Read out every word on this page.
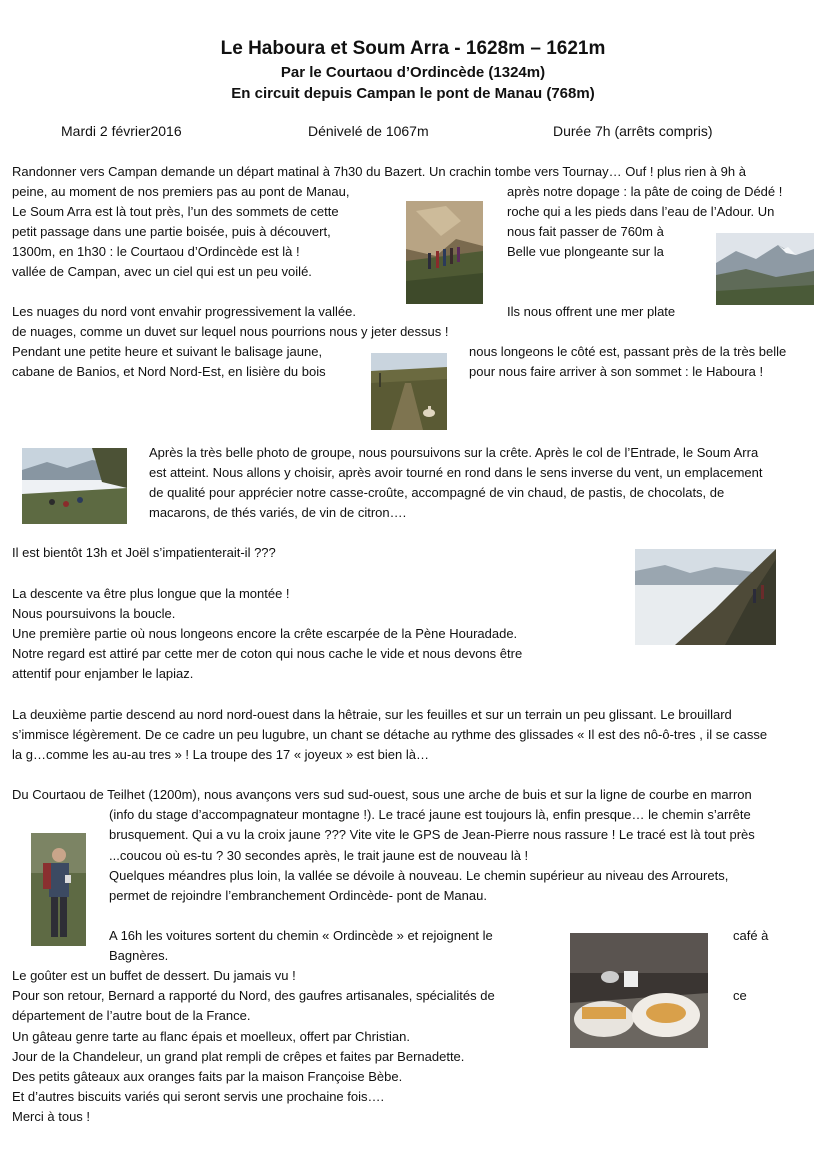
Le Haboura et Soum Arra - 1628m – 1621m
Par le Courtaou d’Ordincède (1324m)
En circuit depuis Campan le pont de Manau (768m)
Mardi 2 février2016	Dénivelé de 1067m	Durée 7h (arrêts compris)
Randonner vers Campan demande un départ matinal à 7h30 du Bazert. Un crachin tombe vers Tournay… Ouf ! plus rien à 9h à
peine, au moment de nos premiers pas au pont de Manau,	après notre dopage : la pâte de coing de Dédé !
Le Soum Arra est là tout près, l’un des sommets de cette	roche qui a les pieds dans l’eau de l’Adour. Un
petit passage dans une partie boisée, puis à découvert,	nous fait passer de 760m à
1300m, en 1h30 : le Courtaou d’Ordincède est là !	Belle vue plongeante sur la
vallée de Campan, avec un ciel qui est un peu voilé.
Les nuages du nord vont envahir progressivement la vallée.	Ils nous offrent une mer plate
de nuages, comme un duvet sur lequel nous pourrions nous y jeter dessus !
Pendant une petite heure et suivant le balisage jaune,	nous longeons le côté est, passant près de la très belle
cabane de Banios, et Nord Nord-Est, en lisière du bois	pour nous faire arriver à son sommet : le Haboura !
Après la très belle photo de groupe, nous poursuivons sur la crête. Après le col de l’Entrade, le Soum Arra
est atteint. Nous allons y choisir, après avoir tourné en rond dans le sens inverse du vent, un emplacement
de qualité pour apprécier notre casse-croûte, accompagné de vin chaud, de pastis, de chocolats, de
macarons, de thés variés, de vin de citron….
Il est bientôt 13h et Joël s’impatienterait-il ???
La descente va être plus longue que la montée !
Nous poursuivons la boucle.
Une première partie où nous longeons encore la crête escarpée de la Pène Houradade.
Notre regard est attiré par cette mer de coton qui nous cache le vide et nous devons être
attentif pour enjamber le lapiaz.
La deuxième partie descend au nord nord-ouest dans la hêtraie, sur les feuilles et sur un terrain un peu glissant. Le brouillard
s’immisce légèrement. De ce cadre un peu lugubre, un chant se détache au rythme des glissades « Il est des nô-ô-tres , il se casse
la g…comme les au-au tres » ! La troupe des 17 « joyeux » est bien là…
Du Courtaou de Teilhet (1200m), nous avançons vers sud sud-ouest, sous une arche de buis et sur la ligne de courbe en marron
(info du stage d’accompagnateur montagne !). Le tracé jaune est toujours là, enfin presque… le chemin s’arrête
brusquement. Qui a vu la croix jaune ??? Vite vite le GPS de Jean-Pierre nous rassure ! Le tracé est là tout près
...coucou où es-tu ? 30 secondes après, le trait jaune est de nouveau là !
Quelques méandres plus loin, la vallée se dévoile à nouveau. Le chemin supérieur au niveau des Arrourets,
permet de rejoindre l’embranchement Ordincède- pont de Manau.
A 16h les voitures sortent du chemin « Ordincède » et rejoignent le	café à
Bagnères.
Le goûter est un buffet de dessert. Du jamais vu !
Pour son retour, Bernard a rapporté du Nord, des gaufres artisanales, spécialités de	ce
département de l’autre bout de la France.
Un gâteau genre tarte au flanc épais et moelleux, offert par Christian.
Jour de la Chandeleur, un grand plat rempli de crêpes et faites par Bernadette.
Des petits gâteaux aux oranges faits par la maison Françoise Bèbe.
Et d’autres biscuits variés qui seront servis une prochaine fois….
Merci à tous !
